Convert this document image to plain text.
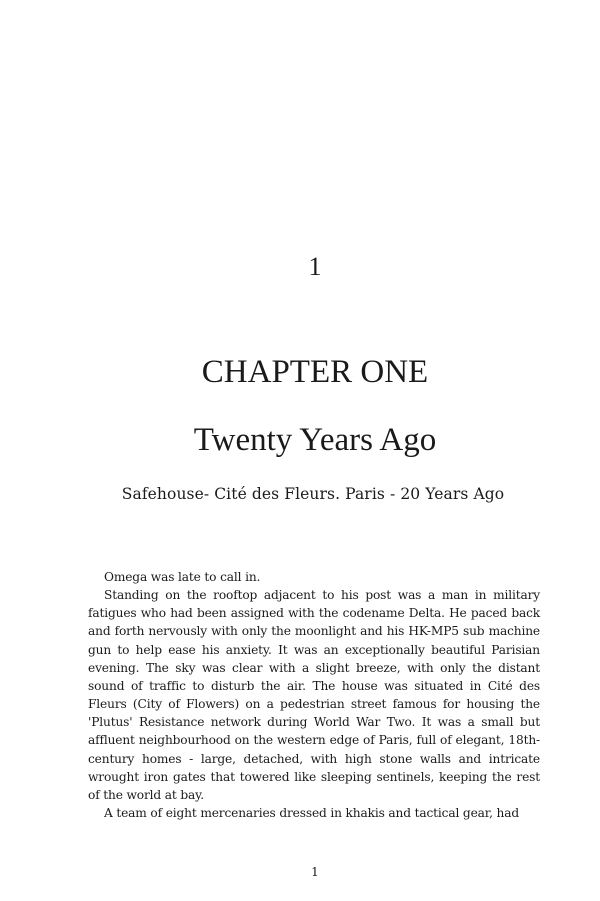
1
CHAPTER ONE
Twenty Years Ago
Safehouse- Cité des Fleurs. Paris - 20 Years Ago

Omega was late to call in.

Standing on the rooftop adjacent to his post was a man in military fatigues who had been assigned with the codename Delta. He paced back and forth nervously with only the moonlight and his HK-MP5 sub machine gun to help ease his anxiety. It was an exceptionally beautiful Parisian evening. The sky was clear with a slight breeze, with only the distant sound of traffic to disturb the air. The house was situated in Cité des Fleurs (City of Flowers) on a pedestrian street famous for housing the 'Plutus' Resistance network during World War Two. It was a small but affluent neighbourhood on the western edge of Paris, full of elegant, 18th-century homes - large, detached, with high stone walls and intricate wrought iron gates that towered like sleeping sentinels, keeping the rest of the world at bay.

A team of eight mercenaries dressed in khakis and tactical gear, had

1
